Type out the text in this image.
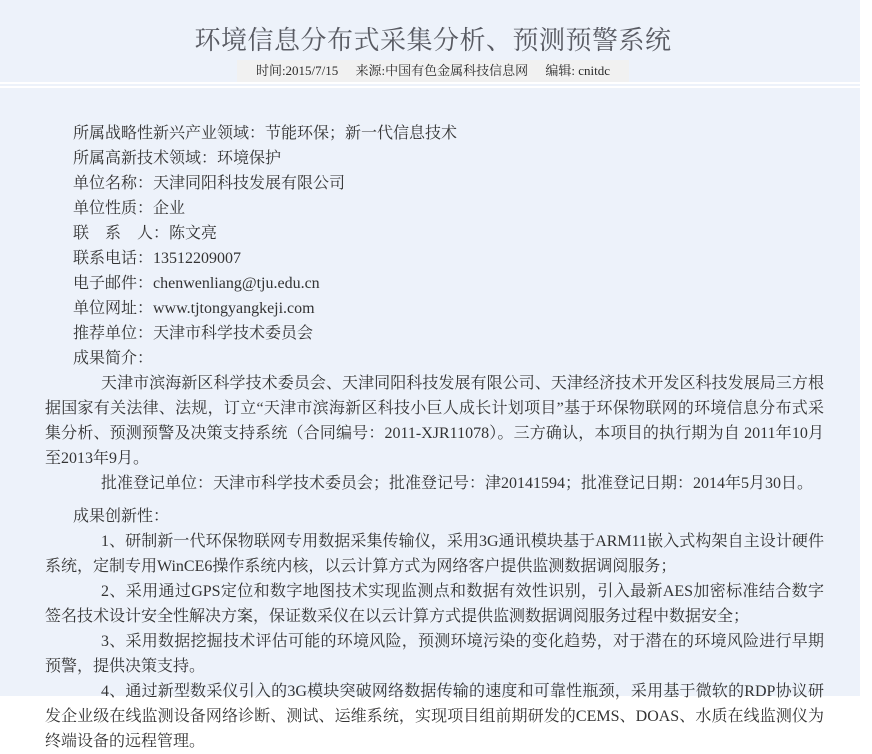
环境信息分布式采集分析、预测预警系统
时间:2015/7/15 来源:中国有色金属科技信息网 编辑: cnitdc
所属战略性新兴产业领域：节能环保；新一代信息技术
所属高新技术领域：环境保护
单位名称：天津同阳科技发展有限公司
单位性质：企业
联　系　人：陈文亮
联系电话：13512209007
电子邮件：chenwenliang@tju.edu.cn
单位网址：www.tjtongyangkeji.com
推荐单位：天津市科学技术委员会
成果简介：

天津市滨海新区科学技术委员会、天津同阳科技发展有限公司、天津经济技术开发区科技发展局三方根据国家有关法律、法规，订立“天津市滨海新区科技小巨人成长计划项目”基于环保物联网的环境信息分布式采集分析、预测预警及决策支持系统（合同编号：2011-XJR11078）。三方确认，本项目的执行期为自 2011年10月至2013年9月。

批准登记单位：天津市科学技术委员会；批准登记号：津20141594；批准登记日期：2014年5月30日。

成果创新性：

1、研制新一代环保物联网专用数据采集传输仪，采用3G通讯模块基于ARM11嵌入式构架自主设计硬件系统，定制专用WinCE6操作系统内核，以云计算方式为网络客户提供监测数据调阅服务；

2、采用通过GPS定位和数字地图技术实现监测点和数据有效性识别，引入最新AES加密标准结合数字签名技术设计安全性解决方案，保证数采仪在以云计算方式提供监测数据调阅服务过程中数据安全；

3、采用数据挖掘技术评估可能的环境风险，预测环境污染的变化趋势，对于潜在的环境风险进行早期预警，提供决策支持。

4、通过新型数采仪引入的3G模块突破网络数据传输的速度和可靠性瓶颈，采用基于微软的RDP协议研发企业级在线监测设备网络诊断、测试、运维系统，实现项目组前期研发的CEMS、DOAS、水质在线监测仪为终端设备的远程管理。
